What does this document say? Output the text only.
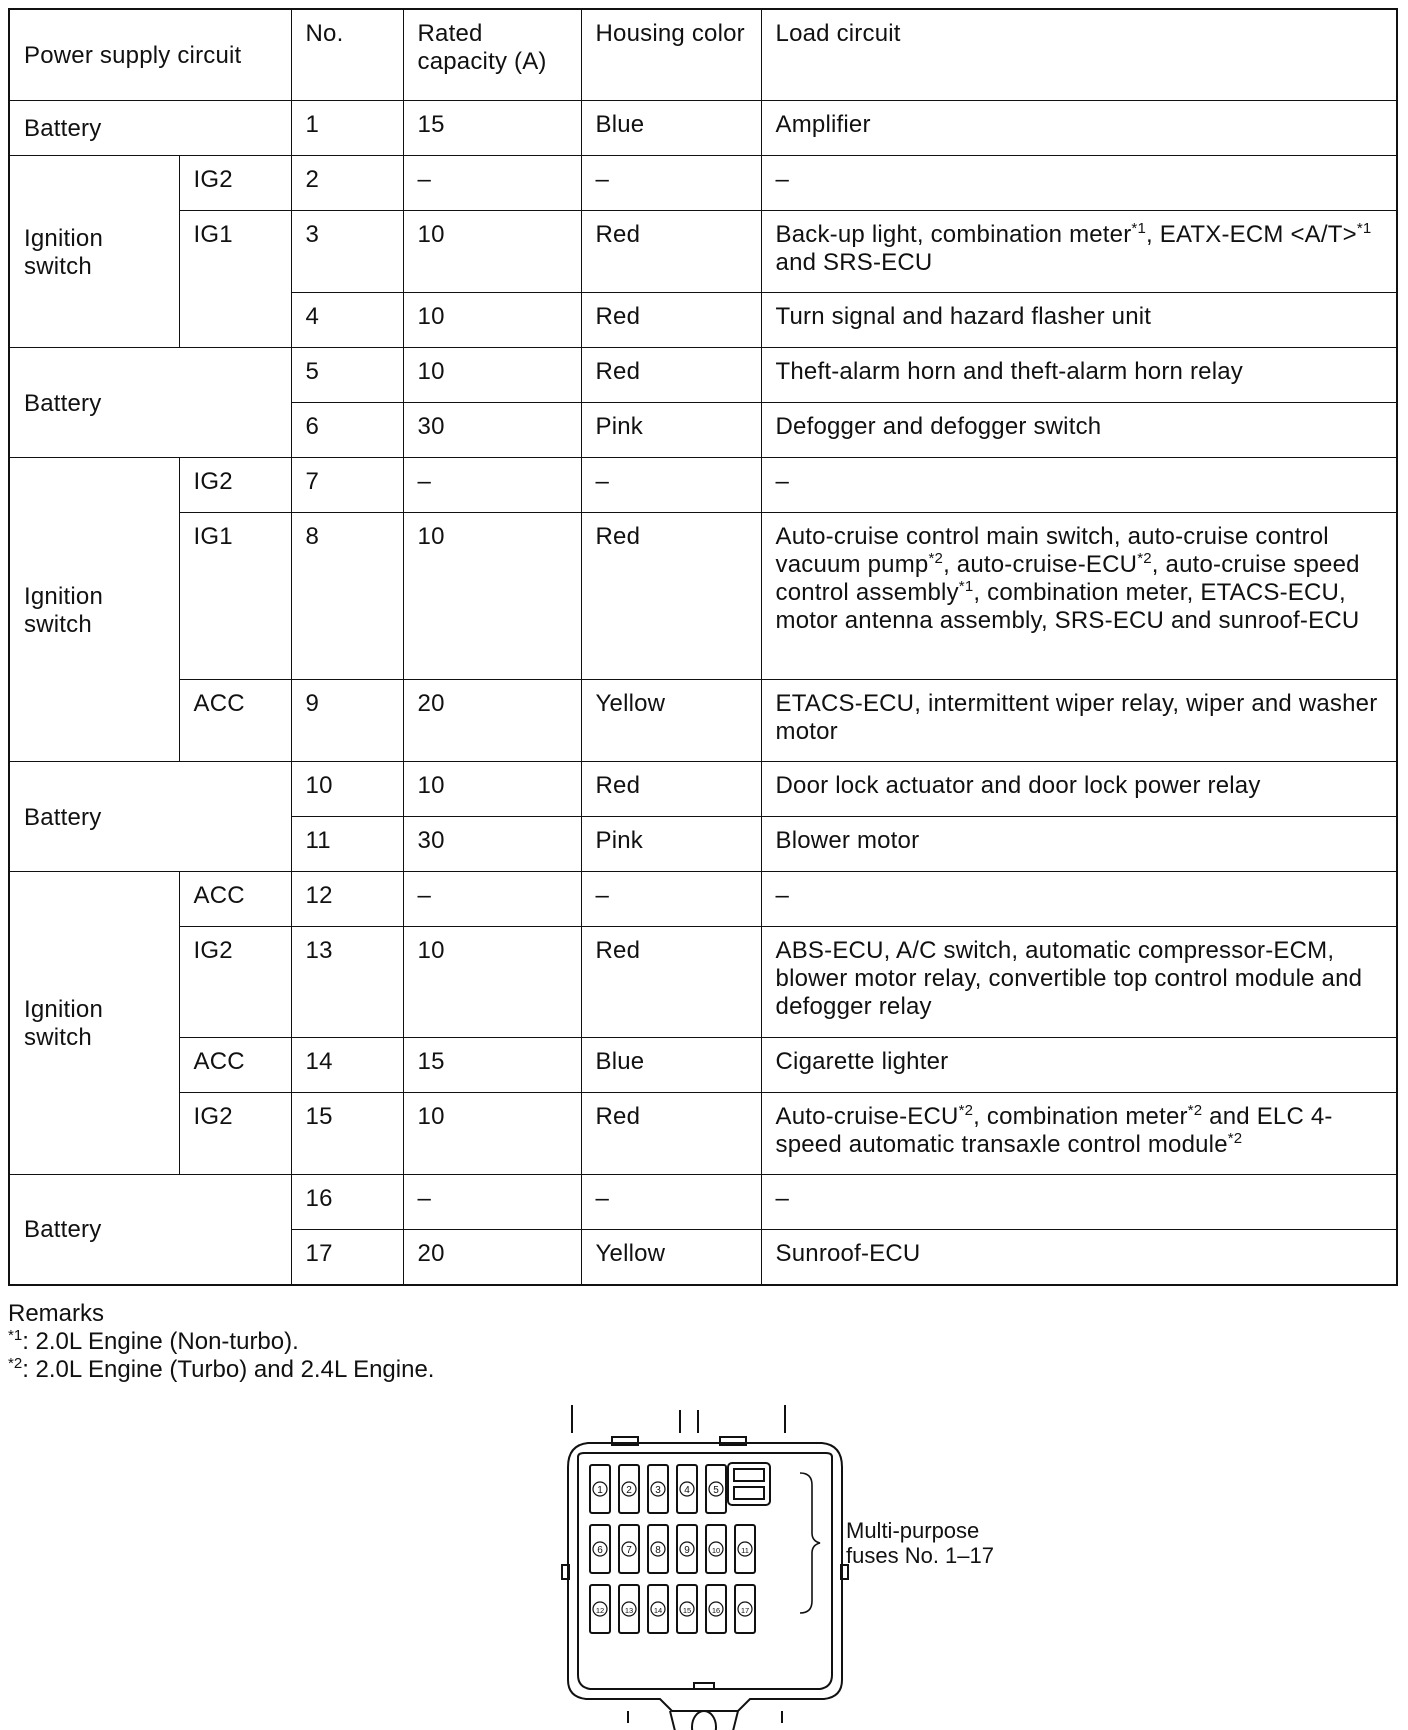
Power supply circuit		No.	Rated capacity (A)	Housing color	Load circuit
Battery		1	15	Blue	Amplifier
Ignition switch	IG2	2	–	–	–
	IG1	3	10	Red	Back-up light, combination meter$^{*1}$, EATX-ECM <A/T>$^{*1}$ and SRS-ECU
		4	10	Red	Turn signal and hazard flasher unit
Battery		5	10	Red	Theft-alarm horn and theft-alarm horn relay
		6	30	Pink	Defogger and defogger switch
Ignition switch	IG2	7	–	–	–
	IG1	8	10	Red	Auto-cruise control main switch, auto-cruise control vacuum pump$^{*2}$, auto-cruise-ECU$^{*2}$, auto-cruise speed control assembly$^{*1}$, combination meter, ETACS-ECU, motor antenna assembly, SRS-ECU and sunroof-ECU
	ACC	9	20	Yellow	ETACS-ECU, intermittent wiper relay, wiper and washer motor
Battery		10	10	Red	Door lock actuator and door lock power relay
		11	30	Pink	Blower motor
Ignition switch	ACC	12	–	–	–
	IG2	13	10	Red	ABS-ECU, A/C switch, automatic compressor-ECM, blower motor relay, convertible top control module and defogger relay
	ACC	14	15	Blue	Cigarette lighter
	IG2	15	10	Red	Auto-cruise-ECU$^{*2}$, combination meter$^{*2}$ and ELC 4-speed automatic transaxle control module$^{*2}$
Battery		16	–	–	–
		17	20	Yellow	Sunroof-ECU
Remarks
$^{*1}$: 2.0L Engine (Non-turbo).
$^{*2}$: 2.0L Engine (Turbo) and 2.4L Engine.
1 2 3 4 5
6 7 8 9	10	11
12	13	14	15	16	17
Multi-purpose
fuses No. 1–17
